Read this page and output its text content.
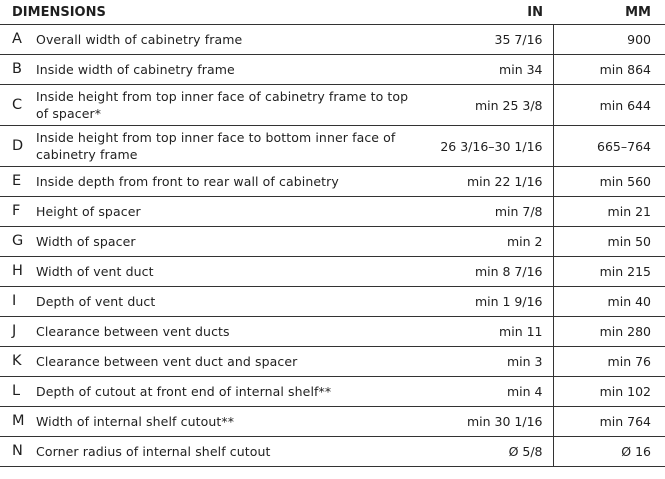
DIMENSIONS	IN	MM

A Overall width of cabinetry frame	35 7/16	900

B Inside width of cabinetry frame	min 34	min 864

C Inside height from top inner face of cabinetry frame to top of spacer*	min 25 3/8	min 644

D Inside height from top inner face to bottom inner face of cabinetry frame	26 3/16–30 1/16	665–764

E Inside depth from front to rear wall of cabinetry	min 22 1/16	min 560

F Height of spacer	min 7/8	min 21

G Width of spacer	min 2	min 50

H Width of vent duct	min 8 7/16	min 215

I Depth of vent duct	min 1 9/16	min 40

J Clearance between vent ducts	min 11	min 280

K Clearance between vent duct and spacer	min 3	min 76

L Depth of cutout at front end of internal shelf**	min 4	min 102

M Width of internal shelf cutout**	min 30 1/16	min 764

N Corner radius of internal shelf cutout	Ø 5/8	Ø 16
